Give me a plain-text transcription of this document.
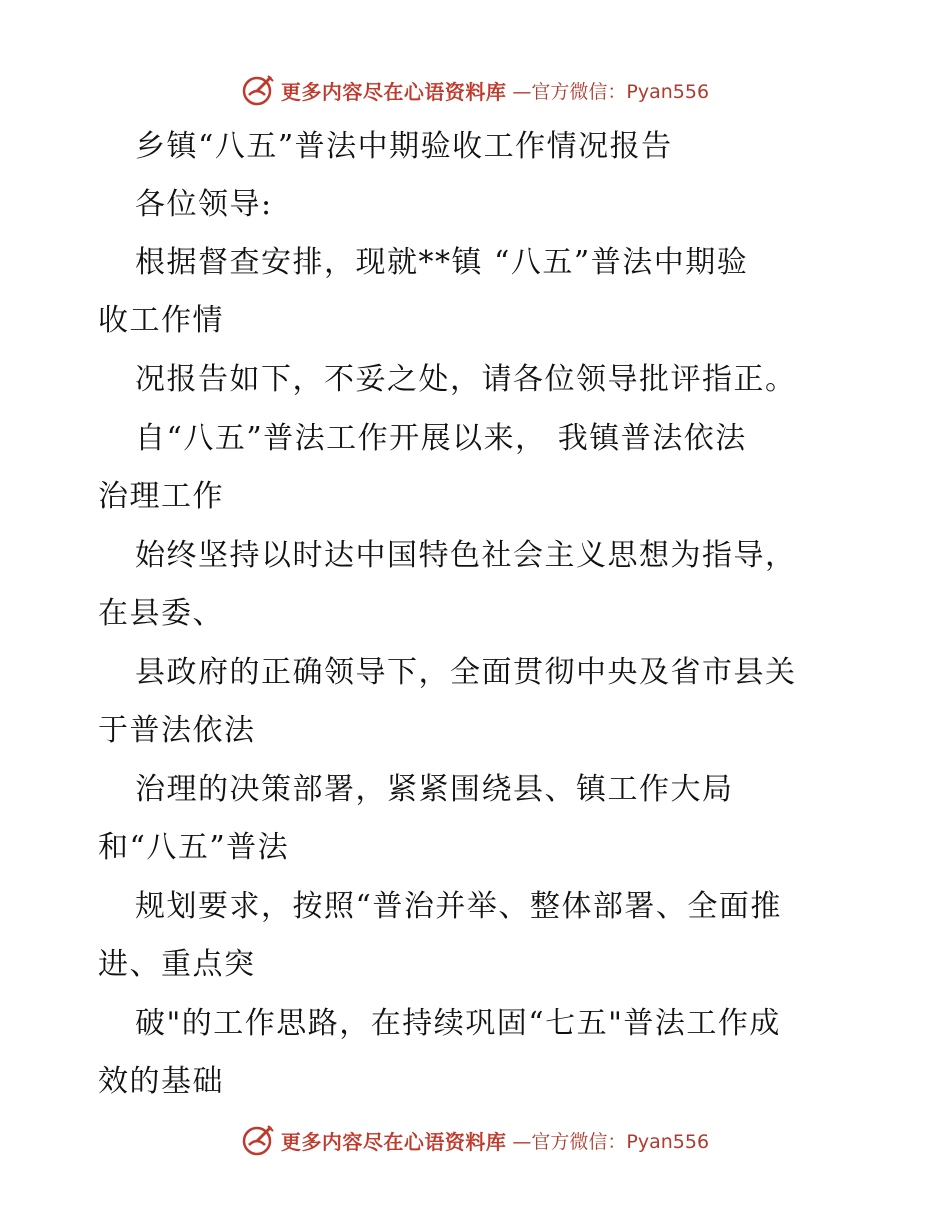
更多内容尽在心语资料库 —官方微信：Pyan556
乡镇“八五”普法中期验收工作情况报告
各位领导:
根据督查安排，现就**镇 “八五”普法中期验
收工作情
况报告如下，不妥之处，请各位领导批评指正。
自“八五”普法工作开展以来， 我镇普法依法
治理工作
始终坚持以时达中国特色社会主义思想为指导，
在县委、
县政府的正确领导下，全面贯彻中央及省市县关
于普法依法
治理的决策部署，紧紧围绕县、镇工作大局
和“八五”普法
规划要求，按照“普治并举、整体部署、全面推
进、重点突
破"的工作思路，在持续巩固“七五"普法工作成
效的基础
更多内容尽在心语资料库 —官方微信：Pyan556
